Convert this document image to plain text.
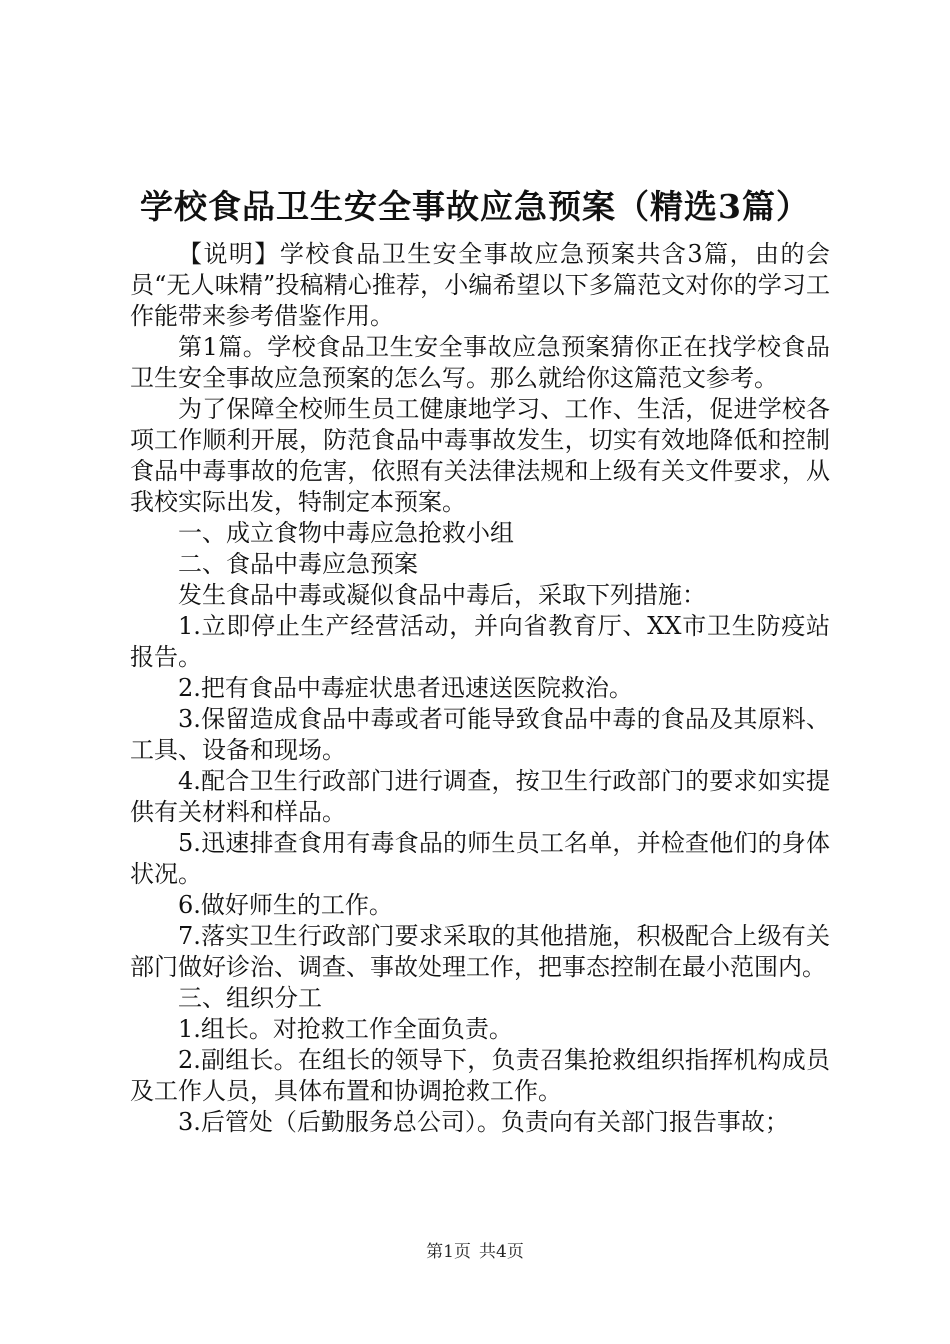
学校食品卫生安全事故应急预案（精选3篇）

【说明】学校食品卫生安全事故应急预案共含3篇，由的会员“无人味精”投稿精心推荐，小编希望以下多篇范文对你的学习工作能带来参考借鉴作用。

第1篇。学校食品卫生安全事故应急预案猜你正在找学校食品卫生安全事故应急预案的怎么写。那么就给你这篇范文参考。

为了保障全校师生员工健康地学习、工作、生活，促进学校各项工作顺利开展，防范食品中毒事故发生，切实有效地降低和控制食品中毒事故的危害，依照有关法律法规和上级有关文件要求，从我校实际出发，特制定本预案。

一、成立食物中毒应急抢救小组

二、食品中毒应急预案

发生食品中毒或凝似食品中毒后，采取下列措施：

1.立即停止生产经营活动，并向省教育厅、XX市卫生防疫站报告。

2.把有食品中毒症状患者迅速送医院救治。

3.保留造成食品中毒或者可能导致食品中毒的食品及其原料、工具、设备和现场。

4.配合卫生行政部门进行调查，按卫生行政部门的要求如实提供有关材料和样品。

5.迅速排查食用有毒食品的师生员工名单，并检查他们的身体状况。

6.做好师生的工作。

7.落实卫生行政部门要求采取的其他措施，积极配合上级有关部门做好诊治、调查、事故处理工作，把事态控制在最小范围内。

三、组织分工

1.组长。对抢救工作全面负责。

2.副组长。在组长的领导下，负责召集抢救组织指挥机构成员及工作人员，具体布置和协调抢救工作。

3.后管处（后勤服务总公司）。负责向有关部门报告事故；

第1页 共4页
